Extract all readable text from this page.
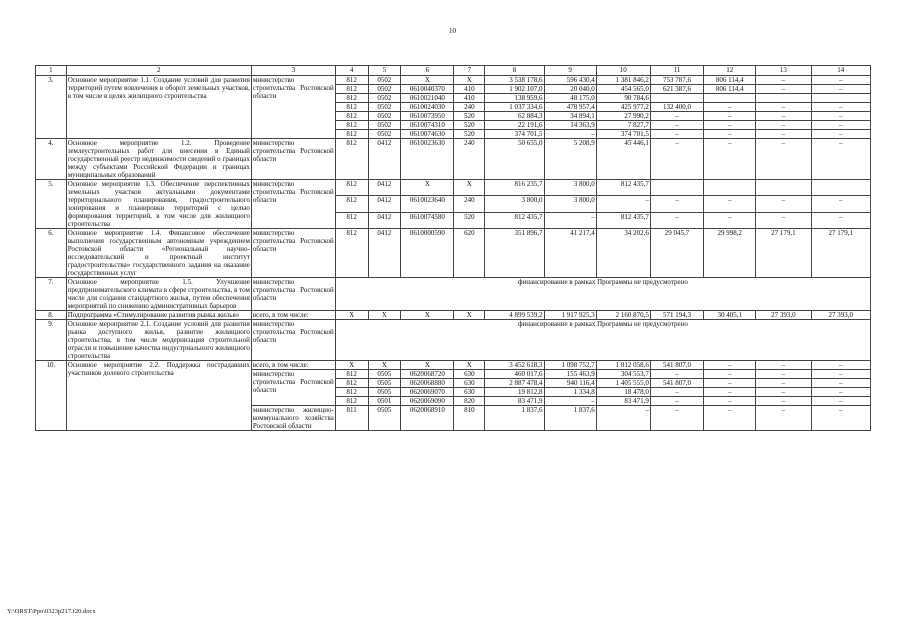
10
1	2	3	4	5	6	7	8	9	10	11	12	13	14
3.	Основное мероприятие 1.1. Создание условий для развития территорий путем вовлечения в оборот земельных участков, в том числе в целях жилищного строительства	министерство строительства Ростовской области	812	0502	Х	Х	3 538 178,6	596 430,4	1 381 846,2	753 787,6	806 114,4	–	–
			812	0502	0610040370	410	1 902 107,0	20 040,0	454 565,0	621 387,6	806 114,4	–	–
			812	0502	0610021040	410	138 959,6	48 175,0	90 784,6				
			812	0502	0610024030	240	1 037 334,6	478 957,4	425 977,2	132 400,0	–	–	–
			812	0502	0610073950	520	62 884,3	34 894,1	27 990,2	–	–	–	–
			812	0502	0610074310	520	22 191,6	14 363,9	7 827,7	–	–	–	–
			812	0502	0610074630	520	374 701,5	–	374 701,5	–	–	–	–
4.	Основное мероприятие 1.2. Проведение землеустроительных работ для внесения в Единый государственный реестр недвижимости сведений о границах между субъектами Российской Федерации и границах муниципальных образований	министерство строительства Ростовской области	812	0412	0610023630	240	50 655,0	5 208,9	45 446,1	–	–	–	–
5.	Основное мероприятие 1.3. Обеспечение перспективных земельных участков актуальными документами территориального планирования, градостроительного зонирования и планировки территорий с целью формирования территорий, в том числе для жилищного строительства	министерство строительства Ростовской области	812	0412	Х	Х	816 235,7	3 800,0	812 435,7				
			812	0412	0610023640	240	3 800,0	3 800,0	–	–	–	–	–
			812	0412	0610074580	520	812 435,7	–	812 435,7	–	–	–	–
6.	Основное мероприятие 1.4. Финансовое обеспечение выполнения государственным автономным учреждением Ростовской области «Региональный научно-исследовательский и проектный институт градостроительства» государственного задания на оказание государственных услуг	министерство строительства Ростовской области	812	0412	0610000590	620	351 896,7	41 217,4	34 202,6	29 045,7	29 998,2	27 179,1	27 179,1
7.	Основное мероприятие 1.5. Улучшение предпринимательского климата в сфере строительства, в том числе для создания стандартного жилья, путем обеспечения мероприятий по снижению административных барьеров	министерство строительства Ростовской области	финансирование в рамках Программы не предусмотрено										
8.	Подпрограмма «Стимулирование развития рынка жилья»	всего, в том числе:	Х	Х	Х	Х	4 899 539,2	1 917 925,3	2 160 870,5	571 194,3	30 405,1	27 393,0	27 393,0
9.	Основное мероприятие 2.1. Создание условий для развития рынка доступного жилья, развитие жилищного строительства, в том числе модернизация строительной отрасли и повышение качества индустриального жилищного строительства	министерство строительства Ростовской области	финансирование в рамках Программы не предусмотрено										
10.	Основное мероприятие 2.2. Поддержка пострадавших участников долевого строительства	всего, в том числе:	Х	Х	Х	Х	3 452 618,3	1 098 752,7	1 812 058,6	541 807,0	–	–	–
		министерство строительства Ростовской области	812	0505	0620068720	630	460 017,6	155 463,9	304 553,7	–	–	–	–
			812	0505	0620068880	630	2 887 478,4	940 116,4	1 405 555,0	541 807,0	–	–	–
			812	0505	0620069070	630	19 812,8	1 334,8	18 478,0	–	–	–	–
			812	0501	0620069090	820	83 471,9	–	83 471,9	–	–	–	–
		министерство жилищно-коммунального хозяйства Ростовской области	811	0505	0620068910	810	1 837,6	1 837,6	–	–	–	–	–
Y:\ORST\Ppo\0323p217.f20.docx
